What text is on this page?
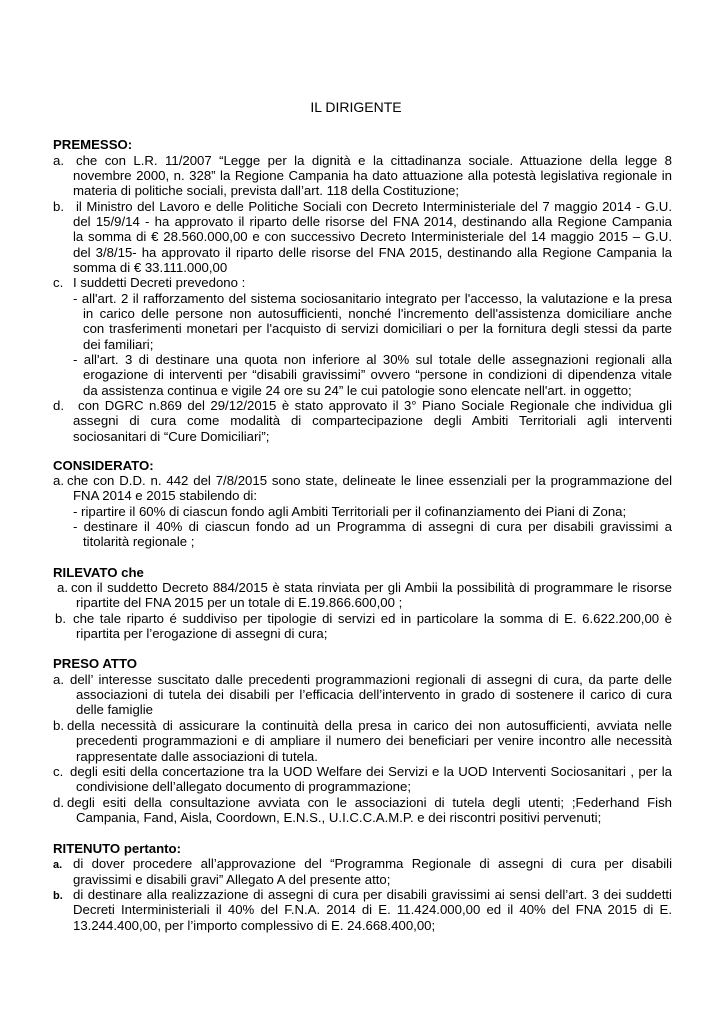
IL DIRIGENTE
PREMESSO:
a. che con L.R. 11/2007 “Legge per la dignità e la cittadinanza sociale. Attuazione della legge 8
novembre 2000, n. 328” la Regione Campania ha dato attuazione alla potestà legislativa regionale in
materia di politiche sociali, prevista dall’art. 118 della Costituzione;
b. il Ministro del Lavoro e delle Politiche Sociali con Decreto Interministeriale del 7 maggio 2014 - G.U.
del 15/9/14 - ha approvato il riparto delle risorse del FNA 2014, destinando alla Regione Campania
la somma di € 28.560.000,00 e con successivo Decreto Interministeriale del 14 maggio 2015 – G.U.
del 3/8/15- ha approvato il riparto delle risorse del FNA 2015, destinando alla Regione Campania la
somma di € 33.111.000,00
c. I suddetti Decreti prevedono :
- all'art. 2 il rafforzamento del sistema sociosanitario integrato per l'accesso, la valutazione e la presa
in carico delle persone non autosufficienti, nonché l'incremento dell'assistenza domiciliare anche
con trasferimenti monetari per l'acquisto di servizi domiciliari o per la fornitura degli stessi da parte
dei familiari;
- all'art. 3 di destinare una quota non inferiore al 30% sul totale delle assegnazioni regionali alla
erogazione di interventi per “disabili gravissimi” ovvero “persone in condizioni di dipendenza vitale
da assistenza continua e vigile 24 ore su 24” le cui patologie sono elencate nell'art. in oggetto;
d. con DGRC n.869 del 29/12/2015 è stato approvato il 3° Piano Sociale Regionale che individua gli
assegni di cura come modalità di compartecipazione degli Ambiti Territoriali agli interventi
sociosanitari di “Cure Domiciliari”;
CONSIDERATO:
a. che con D.D. n. 442 del 7/8/2015 sono state, delineate le linee essenziali per la programmazione del
FNA 2014 e 2015 stabilendo di:
- ripartire il 60% di ciascun fondo agli Ambiti Territoriali per il cofinanziamento dei Piani di Zona;
- destinare il 40% di ciascun fondo ad un Programma di assegni di cura per disabili gravissimi a
titolarità regionale ;
RILEVATO che
a. con il suddetto Decreto 884/2015 è stata rinviata per gli Ambii la possibilità di programmare le risorse
ripartite del FNA 2015 per un totale di E.19.866.600,00 ;
b. che tale riparto é suddiviso per tipologie di servizi ed in particolare la somma di E. 6.622.200,00 è
ripartita per l’erogazione di assegni di cura;
PRESO ATTO
a. dell’ interesse suscitato dalle precedenti programmazioni regionali di assegni di cura, da parte delle
associazioni di tutela dei disabili per l’efficacia dell’intervento in grado di sostenere il carico di cura
delle famiglie
b. della necessità di assicurare la continuità della presa in carico dei non autosufficienti, avviata nelle
precedenti programmazioni e di ampliare il numero dei beneficiari per venire incontro alle necessità
rappresentate dalle associazioni di tutela.
c. degli esiti della concertazione tra la UOD Welfare dei Servizi e la UOD Interventi Sociosanitari , per la
condivisione dell’allegato documento di programmazione;
d. degli esiti della consultazione avviata con le associazioni di tutela degli utenti; ;Federhand Fish
Campania, Fand, Aisla, Coordown, E.N.S., U.I.C.C.A.M.P. e dei riscontri positivi pervenuti;
RITENUTO pertanto:
a. di dover procedere all’approvazione del “Programma Regionale di assegni di cura per disabili
gravissimi e disabili gravi” Allegato A del presente atto;
b. di destinare alla realizzazione di assegni di cura per disabili gravissimi ai sensi dell’art. 3 dei suddetti
Decreti Interministeriali il 40% del F.N.A. 2014 di E. 11.424.000,00 ed il 40% del FNA 2015 di E.
13.244.400,00, per l’importo complessivo di E. 24.668.400,00;
